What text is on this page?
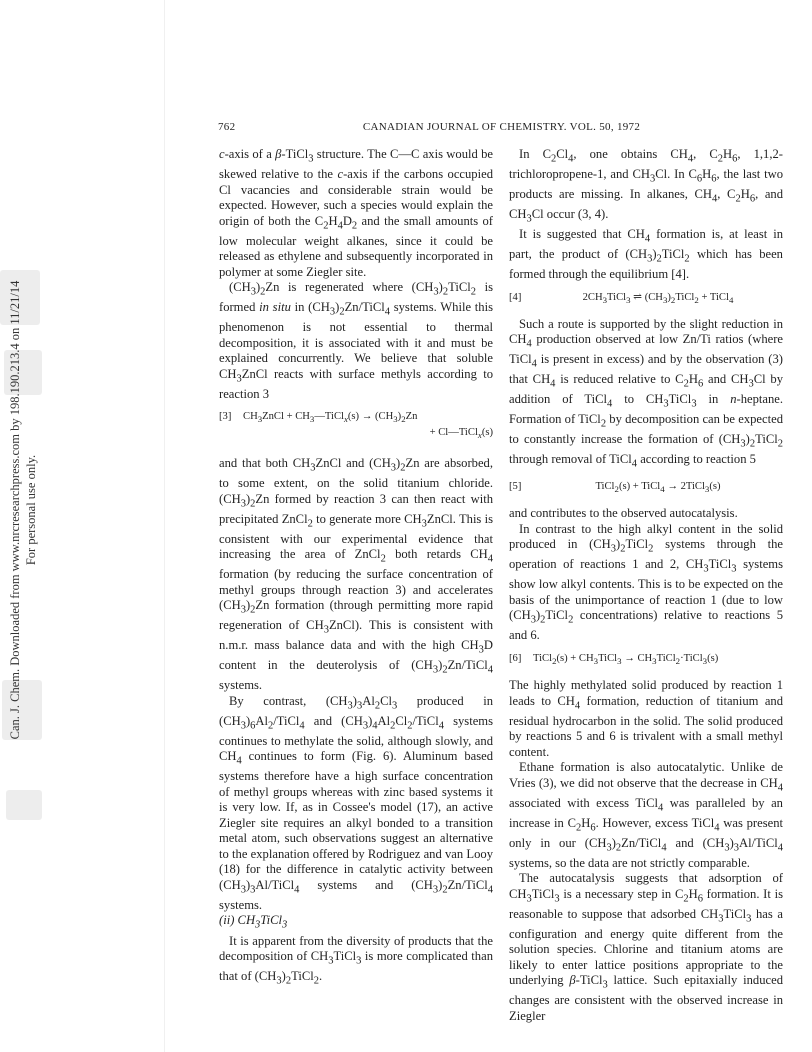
Can. J. Chem. Downloaded from www.nrcresearchpress.com by 198.190.213.4 on 11/21/14 For personal use only.
762	CANADIAN JOURNAL OF CHEMISTRY. VOL. 50, 1972

c-axis of a β-TiCl$_3$ structure. The C—C axis would be skewed relative to the c-axis if the carbons occupied Cl vacancies and considerable strain would be expected. However, such a species would explain the origin of both the $C_2H_4D_2$ and the small amounts of low molecular weight alkanes, since it could be released as ethylene and subsequently incorporated in polymer at some Ziegler site.

$(CH_3)_2Zn$ is regenerated where $(CH_3)_2TiCl_2$ is formed in situ in $(CH_3)_2Zn/TiCl_4$ systems. While this phenomenon is not essential to thermal decomposition, it is associated with it and must be explained concurrently. We believe that soluble $CH_3ZnCl$ reacts with surface methyls according to reaction 3

[3]	$CH_3ZnCl$ + $CH_3—TiCl_x(s) \to (CH_3)_2Zn$
+ Cl—TiCl$_x$(s)

and that both $CH_3ZnCl$ and $(CH_3)_2Zn$ are absorbed, to some extent, on the solid titanium chloride. $(CH_3)_2Zn$ formed by reaction 3 can then react with precipitated ZnCl$_2$ to generate more $CH_3ZnCl$. This is consistent with our experimental evidence that increasing the area of ZnCl$_2$ both retards $CH_4$ formation (by reducing the surface concentration of methyl groups through reaction 3) and accelerates $(CH_3)_2Zn$ formation (through permitting more rapid regeneration of $CH_3ZnCl$). This is consistent with n.m.r. mass balance data and with the high $CH_3D$ content in the deuterolysis of $(CH_3)_2Zn/TiCl_4$ systems.

By contrast, $(CH_3)_3Al_2Cl_3$ produced in $(CH_3)_6Al_2/TiCl_4$ and $(CH_3)_4Al_2Cl_2/TiCl_4$ systems continues to methylate the solid, although slowly, and $CH_4$ continues to form (Fig. 6). Aluminum based systems therefore have a high surface concentration of methyl groups whereas with zinc based systems it is very low. If, as in Cossee's model (17), an active Ziegler site requires an alkyl bonded to a transition metal atom, such observations suggest an alternative to the explanation offered by Rodriguez and van Looy (18) for the difference in catalytic activity between $(CH_3)_3Al/TiCl_4$ systems and $(CH_3)_2Zn/TiCl_4$ systems.

(ii) $CH_3TiCl_3$

It is apparent from the diversity of products that the decomposition of $CH_3TiCl_3$ is more complicated than that of $(CH_3)_2TiCl_2$.

In $C_2Cl_4$, one obtains $CH_4$, $C_2H_6$, 1,1,2-trichloropropene-1, and $CH_3Cl$. In $C_6H_6$, the last two products are missing. In alkanes, $CH_4$, $C_2H_6$, and $CH_3Cl$ occur (3, 4).

It is suggested that $CH_4$ formation is, at least in part, the product of $(CH_3)_2TiCl_2$ which has been formed through the equilibrium [4].

[4]	$2CH_3TiCl_3$ ⇌ $(CH_3)_2TiCl_2$ + TiCl$_4$

Such a route is supported by the slight reduction in $CH_4$ production observed at low Zn/Ti ratios (where TiCl$_4$ is present in excess) and by the observation (3) that $CH_4$ is reduced relative to $C_2H_6$ and $CH_3Cl$ by addition of TiCl$_4$ to $CH_3TiCl_3$ in n-heptane. Formation of TiCl$_2$ by decomposition can be expected to constantly increase the formation of $(CH_3)_2TiCl_2$ through removal of TiCl$_4$ according to reaction 5

[5]	TiCl$_2$(s) + TiCl$_4$ → 2TiCl$_3$(s)

and contributes to the observed autocatalysis.

In contrast to the high alkyl content in the solid produced in $(CH_3)_2TiCl_2$ systems through the operation of reactions 1 and 2, $CH_3TiCl_3$ systems show low alkyl contents. This is to be expected on the basis of the unimportance of reaction 1 (due to low $(CH_3)_2TiCl_2$ concentrations) relative to reactions 5 and 6.

[6]	TiCl$_2$(s) + $CH_3TiCl_3$ → $CH_3TiCl_2\cdot TiCl_3(s)$

The highly methylated solid produced by reaction 1 leads to $CH_4$ formation, reduction of titanium and residual hydrocarbon in the solid. The solid produced by reactions 5 and 6 is trivalent with a small methyl content.

Ethane formation is also autocatalytic. Unlike de Vries (3), we did not observe that the decrease in $CH_4$ associated with excess TiCl$_4$ was paralleled by an increase in $C_2H_6$. However, excess TiCl$_4$ was present only in our $(CH_3)_2Zn/TiCl_4$ and $(CH_3)_3Al/TiCl_4$ systems, so the data are not strictly comparable.

The autocatalysis suggests that adsorption of $CH_3TiCl_3$ is a necessary step in $C_2H_6$ formation. It is reasonable to suppose that adsorbed $CH_3TiCl_3$ has a configuration and energy quite different from the solution species. Chlorine and titanium atoms are likely to enter lattice positions appropriate to the underlying β-TiCl$_3$ lattice. Such epitaxially induced changes are consistent with the observed increase in Ziegler
